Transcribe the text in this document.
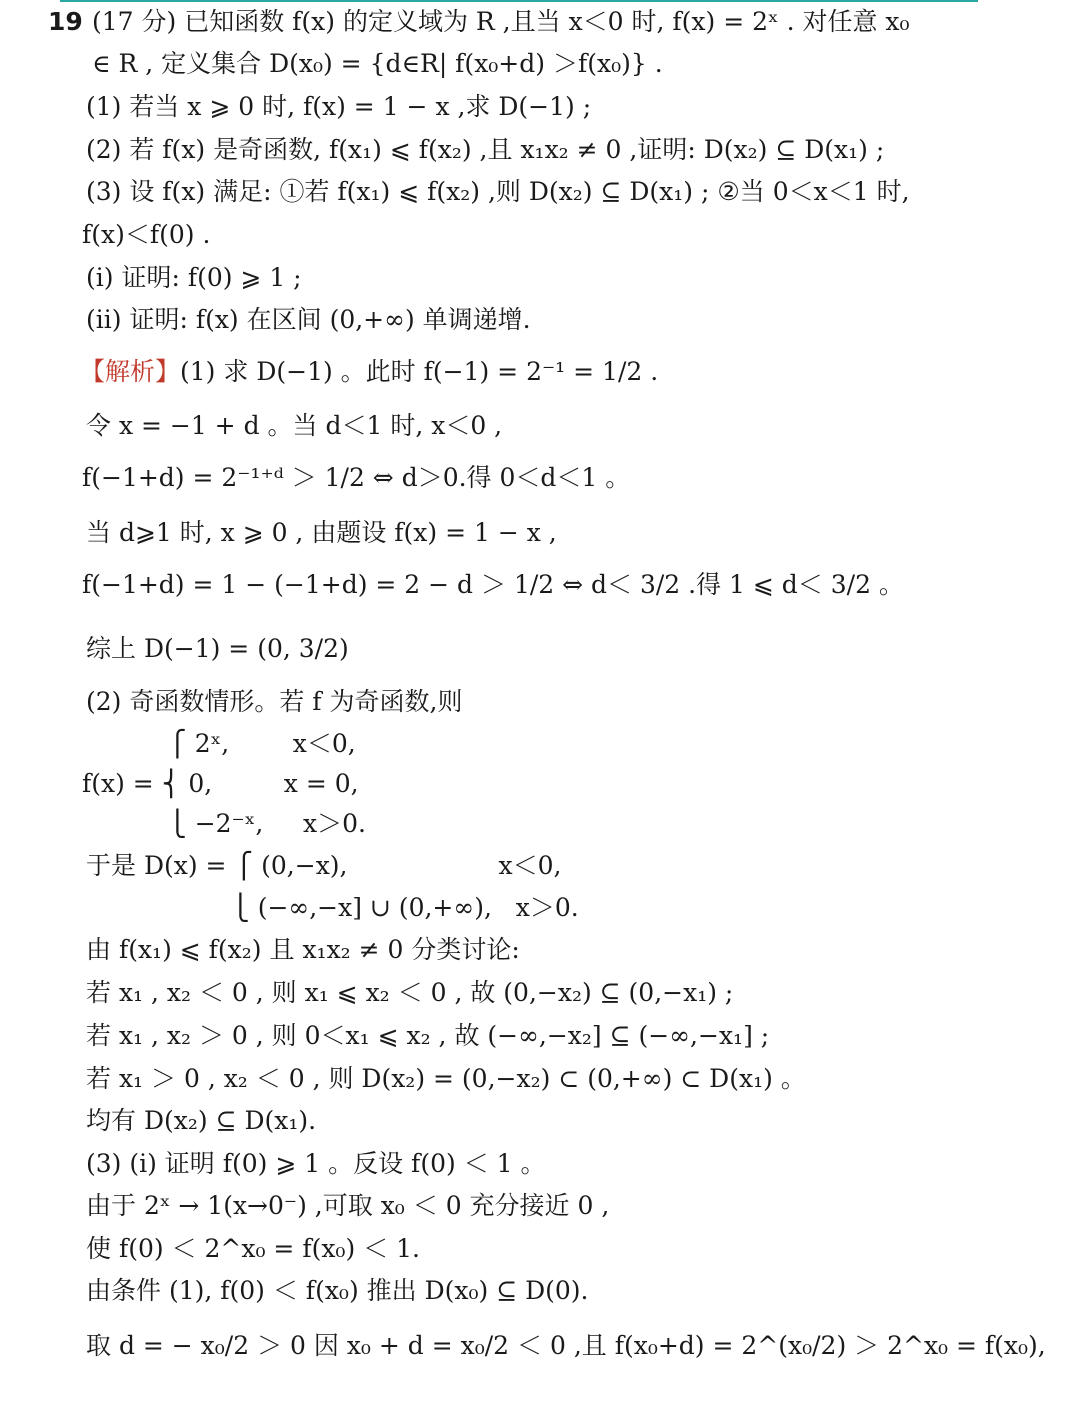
19 (17 分) 已知函数 f(x) 的定义域为 R ,且当 x＜0 时, f(x) = 2ˣ . 对任意 x₀
∈ R , 定义集合 D(x₀) = {d∈R| f(x₀+d) ＞f(x₀)} .
(1) 若当 x ⩾ 0 时, f(x) = 1 − x ,求 D(−1) ;
(2) 若 f(x) 是奇函数, f(x₁) ⩽ f(x₂) ,且 x₁x₂ ≠ 0 ,证明: D(x₂) ⊆ D(x₁) ;
(3) 设 f(x) 满足: ①若 f(x₁) ⩽ f(x₂) ,则 D(x₂) ⊆ D(x₁) ; ②当 0＜x＜1 时,
f(x)＜f(0) .
(i) 证明: f(0) ⩾ 1 ;
(ii) 证明: f(x) 在区间 (0,+∞) 单调递增.
【解析】(1) 求 D(−1) 。此时 f(−1) = 2⁻¹ = 1/2 .
令 x = −1 + d 。当 d＜1 时, x＜0 ,
f(−1+d) = 2⁻¹⁺ᵈ ＞ 1/2 ⇔ d＞0.得 0＜d＜1 。
当 d⩾1 时, x ⩾ 0 , 由题设 f(x) = 1 − x ,
f(−1+d) = 1 − (−1+d) = 2 − d ＞ 1/2 ⇔ d＜ 3/2 .得 1 ⩽ d＜ 3/2 。
综上 D(−1) = (0, 3/2)
(2) 奇函数情形。若 f 为奇函数,则
⎧ 2ˣ,        x＜0,
f(x) = ⎨ 0,         x = 0,
⎩ −2⁻ˣ,     x＞0.
于是 D(x) = ⎧ (0,−x),                   x＜0,
⎩ (−∞,−x] ∪ (0,+∞),   x＞0.
由 f(x₁) ⩽ f(x₂) 且 x₁x₂ ≠ 0 分类讨论:
若 x₁ , x₂ ＜ 0 , 则 x₁ ⩽ x₂ ＜ 0 , 故 (0,−x₂) ⊆ (0,−x₁) ;
若 x₁ , x₂ ＞ 0 , 则 0＜x₁ ⩽ x₂ , 故 (−∞,−x₂] ⊆ (−∞,−x₁] ;
若 x₁ ＞ 0 , x₂ ＜ 0 , 则 D(x₂) = (0,−x₂) ⊂ (0,+∞) ⊂ D(x₁) 。
均有 D(x₂) ⊆ D(x₁).
(3) (i) 证明 f(0) ⩾ 1 。反设 f(0) ＜ 1 。
由于 2ˣ → 1(x→0⁻) ,可取 x₀ ＜ 0 充分接近 0 ,
使 f(0) ＜ 2^x₀ = f(x₀) ＜ 1.
由条件 (1), f(0) ＜ f(x₀) 推出 D(x₀) ⊆ D(0).
取 d = − x₀/2 ＞ 0 因 x₀ + d = x₀/2 ＜ 0 ,且 f(x₀+d) = 2^(x₀/2) ＞ 2^x₀ = f(x₀),
